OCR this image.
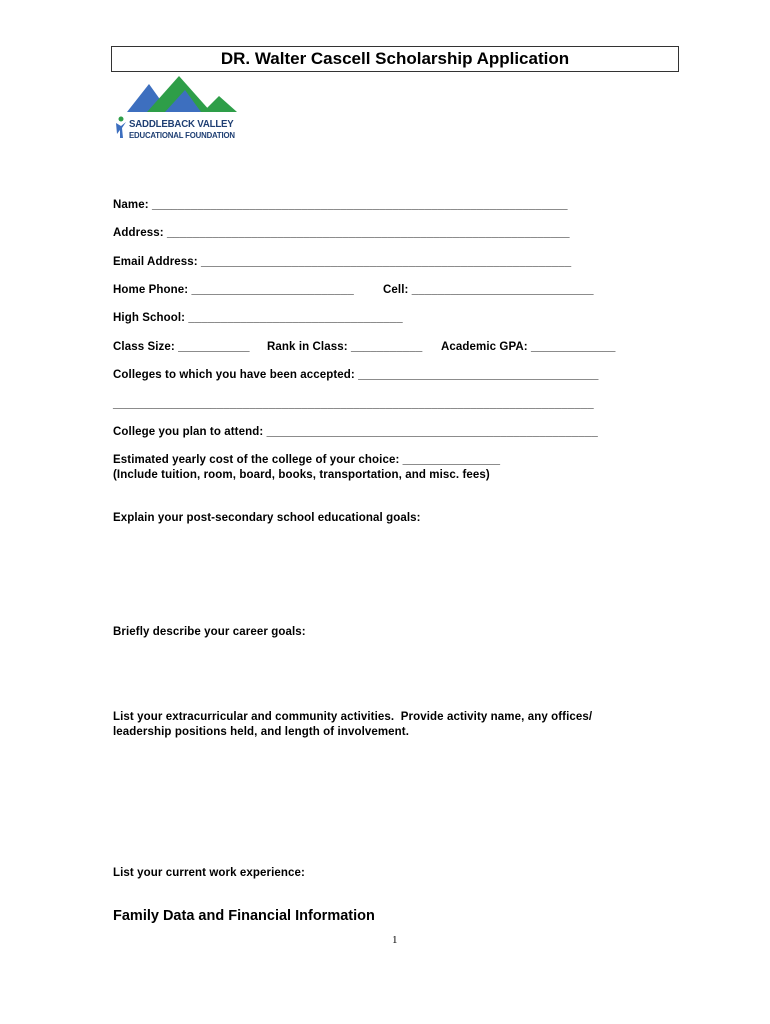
DR. Walter Cascell Scholarship Application
SADDLEBACK VALLEY
EDUCATIONAL FOUNDATION
Name: ________________________________________________________________
Address: ______________________________________________________________
Email Address: _________________________________________________________
Home Phone: _________________________	Cell: ____________________________
High School: _________________________________
Class Size: ___________ Rank in Class: ___________ Academic GPA: _____________
Colleges to which you have been accepted: _____________________________________
__________________________________________________________________________
College you plan to attend: ___________________________________________________
Estimated yearly cost of the college of your choice: _______________
(Include tuition, room, board, books, transportation, and misc. fees)
Explain your post-secondary school educational goals:
Briefly describe your career goals:
List your extracurricular and community activities.  Provide activity name, any offices/
leadership positions held, and length of involvement.
List your current work experience:
Family Data and Financial Information
1
